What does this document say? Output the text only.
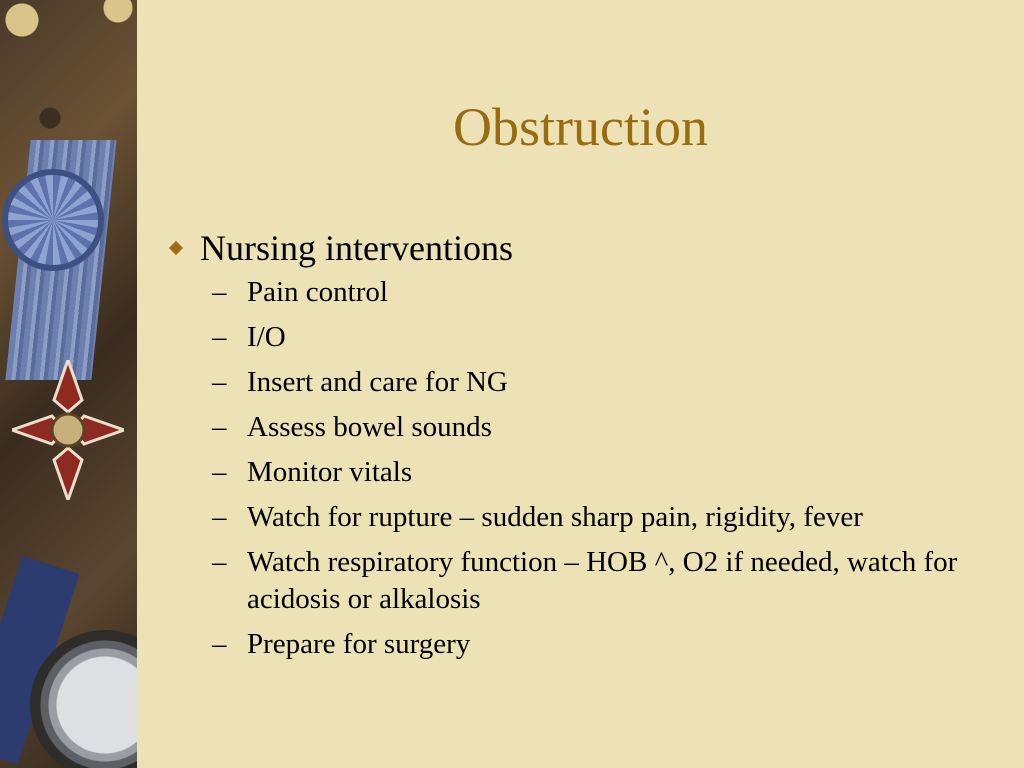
Obstruction
Nursing interventions
– Pain control
– I/O
– Insert and care for NG
– Assess bowel sounds
– Monitor vitals
– Watch for rupture – sudden sharp pain, rigidity, fever
– Watch respiratory function – HOB ^, O2 if needed, watch for acidosis or alkalosis
– Prepare for surgery
